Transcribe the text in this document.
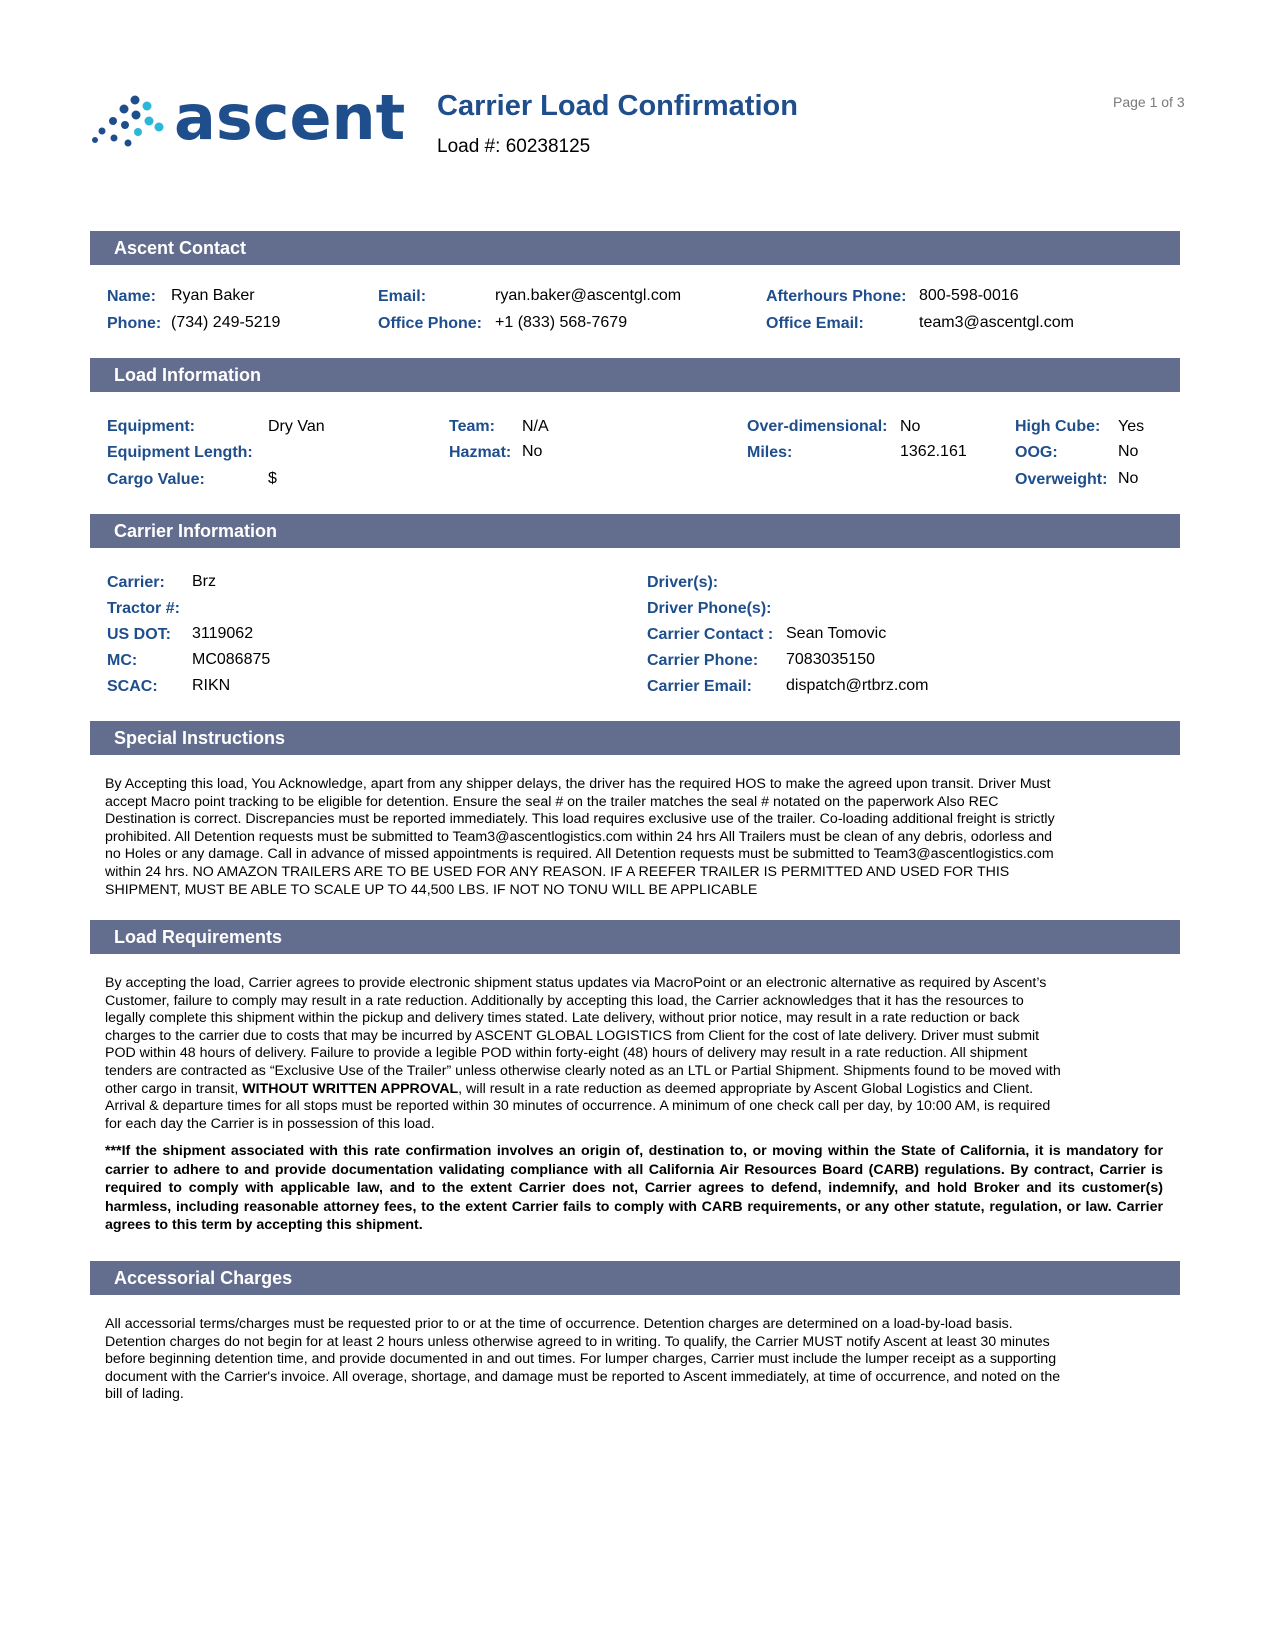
ascent Carrier Load Confirmation
Load #: 60238125
Page 1 of 3
Ascent Contact
Name: Ryan Baker
Phone: (734) 249-5219
Email:	ryan.baker@ascentgl.com
Office Phone: +1 (833) 568-7679
Afterhours Phone: 800-598-0016
Office Email:	team3@ascentgl.com
Load Information
Equipment:	Dry Van
Equipment Length:
Cargo Value:	$
Team: N/A
Hazmat: No
Over-dimensional: No
Miles:	1362.161
High Cube: Yes
OOG:	No
Overweight: No
Carrier Information
Carrier: Brz
Tractor #:
US DOT: 3119062
MC:	MC086875
SCAC: RIKN
Driver(s):
Driver Phone(s):
Carrier Contact : Sean Tomovic
Carrier Phone: 7083035150
Carrier Email: dispatch@rtbrz.com
Special Instructions
By Accepting this load, You Acknowledge, apart from any shipper delays, the driver has the required HOS to make the agreed upon transit. Driver Must
accept Macro point tracking to be eligible for detention. Ensure the seal # on the trailer matches the seal # notated on the paperwork Also REC
Destination is correct. Discrepancies must be reported immediately. This load requires exclusive use of the trailer. Co-loading additional freight is strictly
prohibited. All Detention requests must be submitted to Team3@ascentlogistics.com within 24 hrs All Trailers must be clean of any debris, odorless and
no Holes or any damage. Call in advance of missed appointments is required. All Detention requests must be submitted to Team3@ascentlogistics.com
within 24 hrs. NO AMAZON TRAILERS ARE TO BE USED FOR ANY REASON. IF A REEFER TRAILER IS PERMITTED AND USED FOR THIS
SHIPMENT, MUST BE ABLE TO SCALE UP TO 44,500 LBS. IF NOT NO TONU WILL BE APPLICABLE
Load Requirements
By accepting the load, Carrier agrees to provide electronic shipment status updates via MacroPoint or an electronic alternative as required by Ascent’s
Customer, failure to comply may result in a rate reduction. Additionally by accepting this load, the Carrier acknowledges that it has the resources to
legally complete this shipment within the pickup and delivery times stated. Late delivery, without prior notice, may result in a rate reduction or back
charges to the carrier due to costs that may be incurred by ASCENT GLOBAL LOGISTICS from Client for the cost of late delivery. Driver must submit
POD within 48 hours of delivery. Failure to provide a legible POD within forty-eight (48) hours of delivery may result in a rate reduction. All shipment
tenders are contracted as “Exclusive Use of the Trailer” unless otherwise clearly noted as an LTL or Partial Shipment. Shipments found to be moved with
other cargo in transit, WITHOUT WRITTEN APPROVAL, will result in a rate reduction as deemed appropriate by Ascent Global Logistics and Client.
Arrival & departure times for all stops must be reported within 30 minutes of occurrence. A minimum of one check call per day, by 10:00 AM, is required
for each day the Carrier is in possession of this load.
***If the shipment associated with this rate confirmation involves an origin of, destination to, or moving within the State of California, it is mandatory for carrier to adhere to and provide documentation validating compliance with all California Air Resources Board (CARB) regulations. By contract, Carrier is required to comply with applicable law, and to the extent Carrier does not, Carrier agrees to defend, indemnify, and hold Broker and its customer(s) harmless, including reasonable attorney fees, to the extent Carrier fails to comply with CARB requirements, or any other statute, regulation, or law. Carrier agrees to this term by accepting this shipment.
Accessorial Charges
All accessorial terms/charges must be requested prior to or at the time of occurrence. Detention charges are determined on a load-by-load basis.
Detention charges do not begin for at least 2 hours unless otherwise agreed to in writing. To qualify, the Carrier MUST notify Ascent at least 30 minutes
before beginning detention time, and provide documented in and out times. For lumper charges, Carrier must include the lumper receipt as a supporting
document with the Carrier's invoice. All overage, shortage, and damage must be reported to Ascent immediately, at time of occurrence, and noted on the
bill of lading.
